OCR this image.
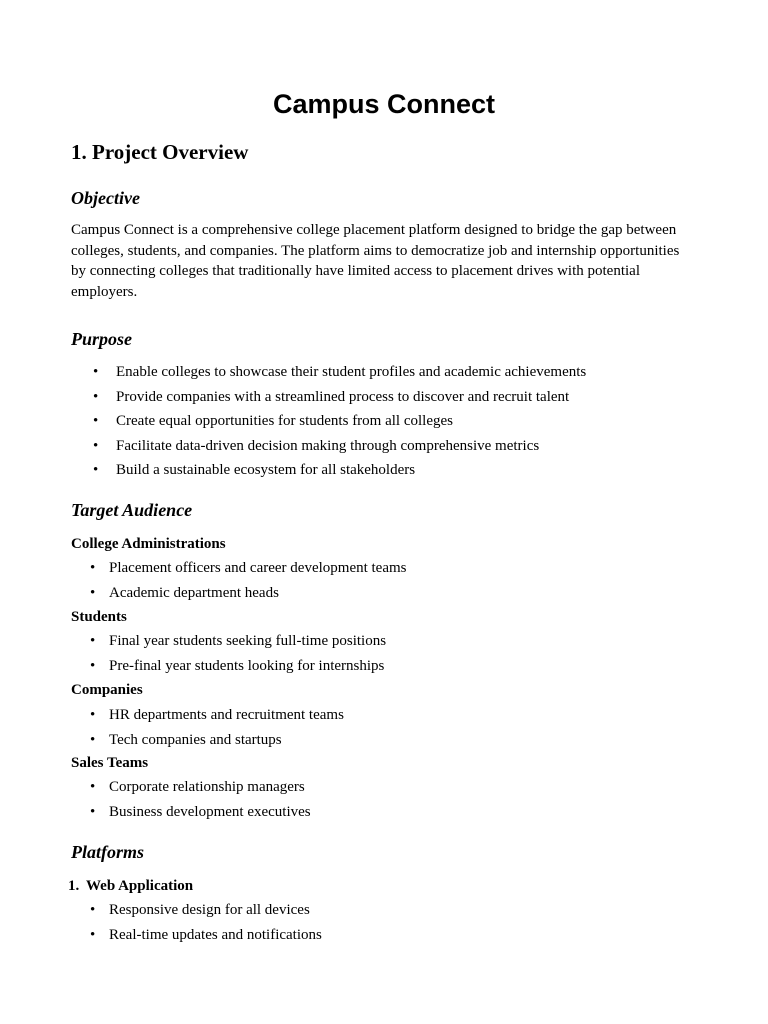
Campus Connect
1. Project Overview
Objective

Campus Connect is a comprehensive college placement platform designed to bridge the gap between colleges, students, and companies. The platform aims to democratize job and internship opportunities by connecting colleges that traditionally have limited access to placement drives with potential employers.

Purpose
• Enable colleges to showcase their student profiles and academic achievements
• Provide companies with a streamlined process to discover and recruit talent
• Create equal opportunities for students from all colleges
• Facilitate data-driven decision making through comprehensive metrics
• Build a sustainable ecosystem for all stakeholders
Target Audience

College Administrations

• Placement officers and career development teams
• Academic department heads

Students

• Final year students seeking full-time positions
• Pre-final year students looking for internships

Companies

• HR departments and recruitment teams
• Tech companies and startups

Sales Teams

• Corporate relationship managers
• Business development executives
Platforms

1. Web Application

• Responsive design for all devices
• Real-time updates and notifications
